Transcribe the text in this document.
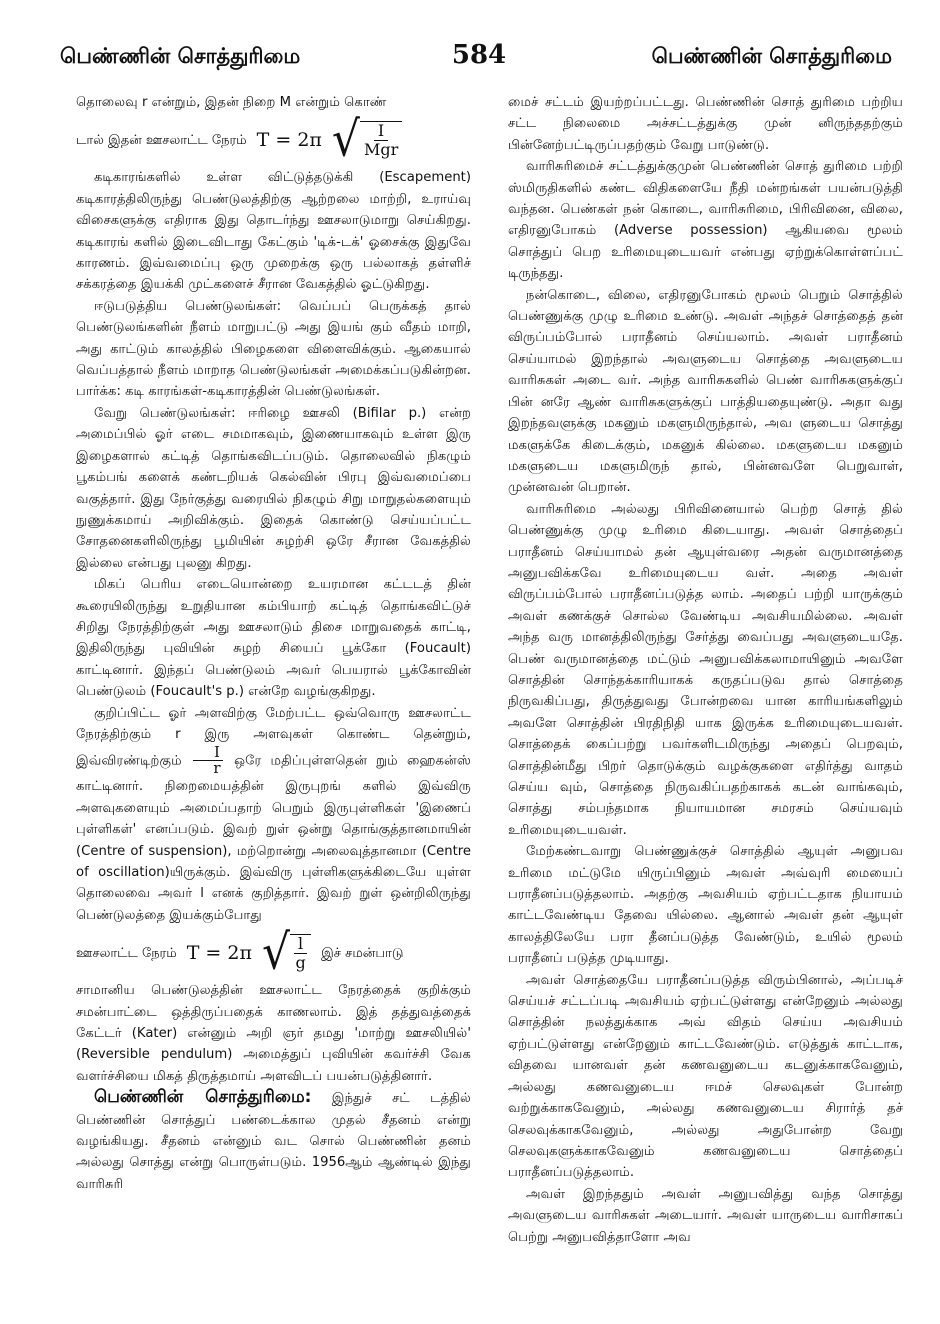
பெண்ணின் சொத்துரிமை	584	பெண்ணின் சொத்துரிமை

தொலைவு r என்றும், இதன் நிறை M என்றும் கொண்

டால் இதன் ஊசலாட்ட நேரம் T = 2π √ $\frac{I}{\text{Mgr}}$

கடிகாரங்களில் உள்ள விட்டுத்தடுக்கி (Escapement) கடிகாரத்திலிருந்து பெண்டுலத்திற்கு ஆற்றலை மாற்றி, உராய்வு விசைகளுக்கு எதிராக இது தொடர்ந்து ஊசலாடுமாறு செய்கிறது. கடிகாரங் களில் இடைவிடாது கேட்கும் 'டிக்-டக்' ஓசைக்கு இதுவே காரணம். இவ்வமைப்பு ஒரு முறைக்கு ஒரு பல்லாகத் தள்ளிச் சக்கரத்தை இயக்கி முட்களைச் சீரான வேகத்தில் ஓட்டுகிறது.

ஈடுபடுத்திய பெண்டுலங்கள்: வெப்பப் பெருக்கத் தால் பெண்டுலங்களின் நீளம் மாறுபட்டு அது இயங் கும் வீதம் மாறி, அது காட்டும் காலத்தில் பிழைகளை விளைவிக்கும். ஆகையால் வெப்பத்தால் நீளம் மாறாத பெண்டுலங்கள் அமைக்கப்படுகின்றன. பார்க்க: கடி காரங்கள்-கடிகாரத்தின் பெண்டுலங்கள்.

வேறு பெண்டுலங்கள்: ஈரிழை ஊசலி (Bifilar p.) என்ற அமைப்பில் ஓர் எடை சமமாகவும், இணையாகவும் உள்ள இரு இழைகளால் கட்டித் தொங்கவிடப்படும். தொலைவில் நிகழும் பூகம்பங் களைக் கண்டறியக் கெல்வின் பிரபு இவ்வமைப்பை வகுத்தார். இது நேர்குத்து வரையில் நிகழும் சிறு மாறுதல்களையும் நுணுக்கமாய் அறிவிக்கும். இதைக் கொண்டு செய்யப்பட்ட சோதனைகளிலிருந்து பூமியின் சுழற்சி ஒரே சீரான வேகத்தில் இல்லை என்பது புலனு கிறது.

மிகப் பெரிய எடையொன்றை உயரமான கட்டடத் தின் கூரையிலிருந்து உறுதியான கம்பியாற் கட்டித் தொங்கவிட்டுச் சிறிது நேரத்திற்குள் அது ஊசலாடும் திசை மாறுவதைக் காட்டி, இதிலிருந்து புவியின் சுழற் சியைப் பூக்கோ (Foucault) காட்டினார். இந்தப் பெண்டுலம் அவர் பெயரால் பூக்கோவின் பெண்டுலம் (Foucault's p.) என்றே வழங்குகிறது.

குறிப்பிட்ட ஓர் அளவிற்கு மேற்பட்ட ஒவ்வொரு ஊசலாட்ட நேரத்திற்கும் r இரு அளவுகள் கொண்ட தென்றும், இவ்விரண்டிற்கும் $\frac{I}{r}$ ஒரே மதிப்புள்ளதென் றும் ஹைகன்ஸ் காட்டினார். நிறைமையத்தின் இருபுறங் களில் இவ்விரு அளவுகளையும் அமைப்பதாற் பெறும் இருபுள்ளிகள் 'இணைப் புள்ளிகள்' எனப்படும். இவற் றுள் ஒன்று தொங்குத்தானமாயின் (Centre of suspension), மற்றொன்று அலைவுத்தானமா (Centre of oscillation)யிருக்கும். இவ்விரு புள்ளிகளுக்கிடையே யுள்ள தொலைவை அவர் l எனக் குறித்தார். இவற் றுள் ஒன்றிலிருந்து பெண்டுலத்தை இயக்கும்போது

ஊசலாட்ட நேரம் T = 2π √ $\frac{l}{g}$ இச் சமன்பாடு

சாமானிய பெண்டுலத்தின் ஊசலாட்ட நேரத்தைக் குறிக்கும் சமன்பாட்டை ஒத்திருப்பதைக் காணலாம். இத் தத்துவத்தைக் கேட்டர் (Kater) என்னும் அறி ஞர் தமது 'மாற்று ஊசலியில்' (Reversible pendulum) அமைத்துப் புவியின் கவர்ச்சி வேக வளர்ச்சியை மிகத் திருத்தமாய் அளவிடப் பயன்படுத்தினார்.

பெண்ணின் சொத்துரிமை: இந்துச் சட் டத்தில் பெண்ணின் சொத்துப் பண்டைக்கால முதல் சீதனம் என்று வழங்கியது. சீதனம் என்னும் வட சொல் பெண்ணின் தனம் அல்லது சொத்து என்று பொருள்படும். 1956ஆம் ஆண்டில் இந்து வாரிசுரி

மைச் சட்டம் இயற்றப்பட்டது. பெண்ணின் சொத் துரிமை பற்றிய சட்ட நிலைமை அச்சட்டத்துக்கு முன் னிருந்ததற்கும் பின்னேற்பட்டிருப்பதற்கும் வேறு பாடுண்டு.

வாரிசுரிமைச் சட்டத்துக்குமுன் பெண்ணின் சொத் துரிமை பற்றி ஸ்மிருதிகளில் கண்ட விதிகளையே நீதி மன்றங்கள் பயன்படுத்தி வந்தன. பெண்கள் நன் கொடை, வாரிசுரிமை, பிரிவினை, விலை, எதிரனுபோகம் (Adverse possession) ஆகியவை மூலம் சொத்துப் பெற உரிமையுடையவர் என்பது ஏற்றுக்கொள்ளப்பட் டிருந்தது.

நன்கொடை, விலை, எதிரனுபோகம் மூலம் பெறும் சொத்தில் பெண்ணுக்கு முழு உரிமை உண்டு. அவள் அந்தச் சொத்தைத் தன் விருப்பம்போல் பராதீனம் செய்யலாம். அவள் பராதீனம் செய்யாமல் இறந்தால் அவளுடைய சொத்தை அவளுடைய வாரிசுகள் அடை வர். அந்த வாரிசுகளில் பெண் வாரிசுகளுக்குப் பின் னரே ஆண் வாரிசுகளுக்குப் பாத்தியதையுண்டு. அதா வது இறந்தவளுக்கு மகனும் மகளுமிருந்தால், அவ ளுடைய சொத்து மகளுக்கே கிடைக்கும், மகனுக் கில்லை. மகளுடைய மகனும் மகளுடைய மகளுமிருந் தால், பின்னவளே பெறுவாள், முன்னவன் பெறான்.

வாரிசுரிமை அல்லது பிரிவினையால் பெற்ற சொத் தில் பெண்ணுக்கு முழு உரிமை கிடையாது. அவள் சொத்தைப் பராதீனம் செய்யாமல் தன் ஆயுள்வரை அதன் வருமானத்தை அனுபவிக்கவே உரிமையுடைய வள். அதை அவள் விருப்பம்போல் பராதீனப்படுத்த லாம். அதைப் பற்றி யாருக்கும் அவள் கணக்குச் சொல்ல வேண்டிய அவசியமில்லை. அவள் அந்த வரு மானத்திலிருந்து சேர்த்து வைப்பது அவளுடையதே. பெண் வருமானத்தை மட்டும் அனுபவிக்கலாமாயினும் அவளே சொத்தின் சொந்தக்காரியாகக் கருதப்படுவ தால் சொத்தை நிருவகிப்பது, திருத்துவது போன்றவை யான காரியங்களிலும் அவளே சொத்தின் பிரதிநிதி யாக இருக்க உரிமையுடையவள். சொத்தைக் கைப்பற்று பவர்களிடமிருந்து அதைப் பெறவும், சொத்தின்மீது பிறர் தொடுக்கும் வழக்குகளை எதிர்த்து வாதம் செய்ய வும், சொத்தை நிருவகிப்பதற்காகக் கடன் வாங்கவும், சொத்து சம்பந்தமாக நியாயமான சமரசம் செய்யவும் உரிமையுடையவள்.

மேற்கண்டவாறு பெண்ணுக்குச் சொத்தில் ஆயுள் அனுபவ உரிமை மட்டுமே யிருப்பினும் அவள் அவ்வுரி மையைப் பராதீனப்படுத்தலாம். அதற்கு அவசியம் ஏற்பட்டதாக நியாயம் காட்டவேண்டிய தேவை யில்லை. ஆனால் அவள் தன் ஆயுள் காலத்திலேயே பரா தீனப்படுத்த வேண்டும், உயில் மூலம் பராதீனப் படுத்த முடியாது.

அவள் சொத்தையே பராதீனப்படுத்த விரும்பினால், அப்படிச் செய்யச் சட்டப்படி அவசியம் ஏற்பட்டுள்ளது என்றேனும் அல்லது சொத்தின் நலத்துக்காக அவ் விதம் செய்ய அவசியம் ஏற்பட்டுள்ளது என்றேனும் காட்டவேண்டும். எடுத்துக் காட்டாக, விதவை யானவள் தன் கணவனுடைய கடனுக்காகவேனும், அல்லது கணவனுடைய ஈமச் செலவுகள் போன்ற வற்றுக்காகவேனும், அல்லது கணவனுடைய சிரார்த் தச் செலவுக்காகவேனும், அல்லது அதுபோன்ற வேறு செலவுகளுக்காகவேனும் கணவனுடைய சொத்தைப் பராதீனப்படுத்தலாம்.

அவள் இறந்ததும் அவள் அனுபவித்து வந்த சொத்து அவளுடைய வாரிசுகள் அடையார். அவள் யாருடைய வாரிசாகப் பெற்று அனுபவித்தாளோ அவ
